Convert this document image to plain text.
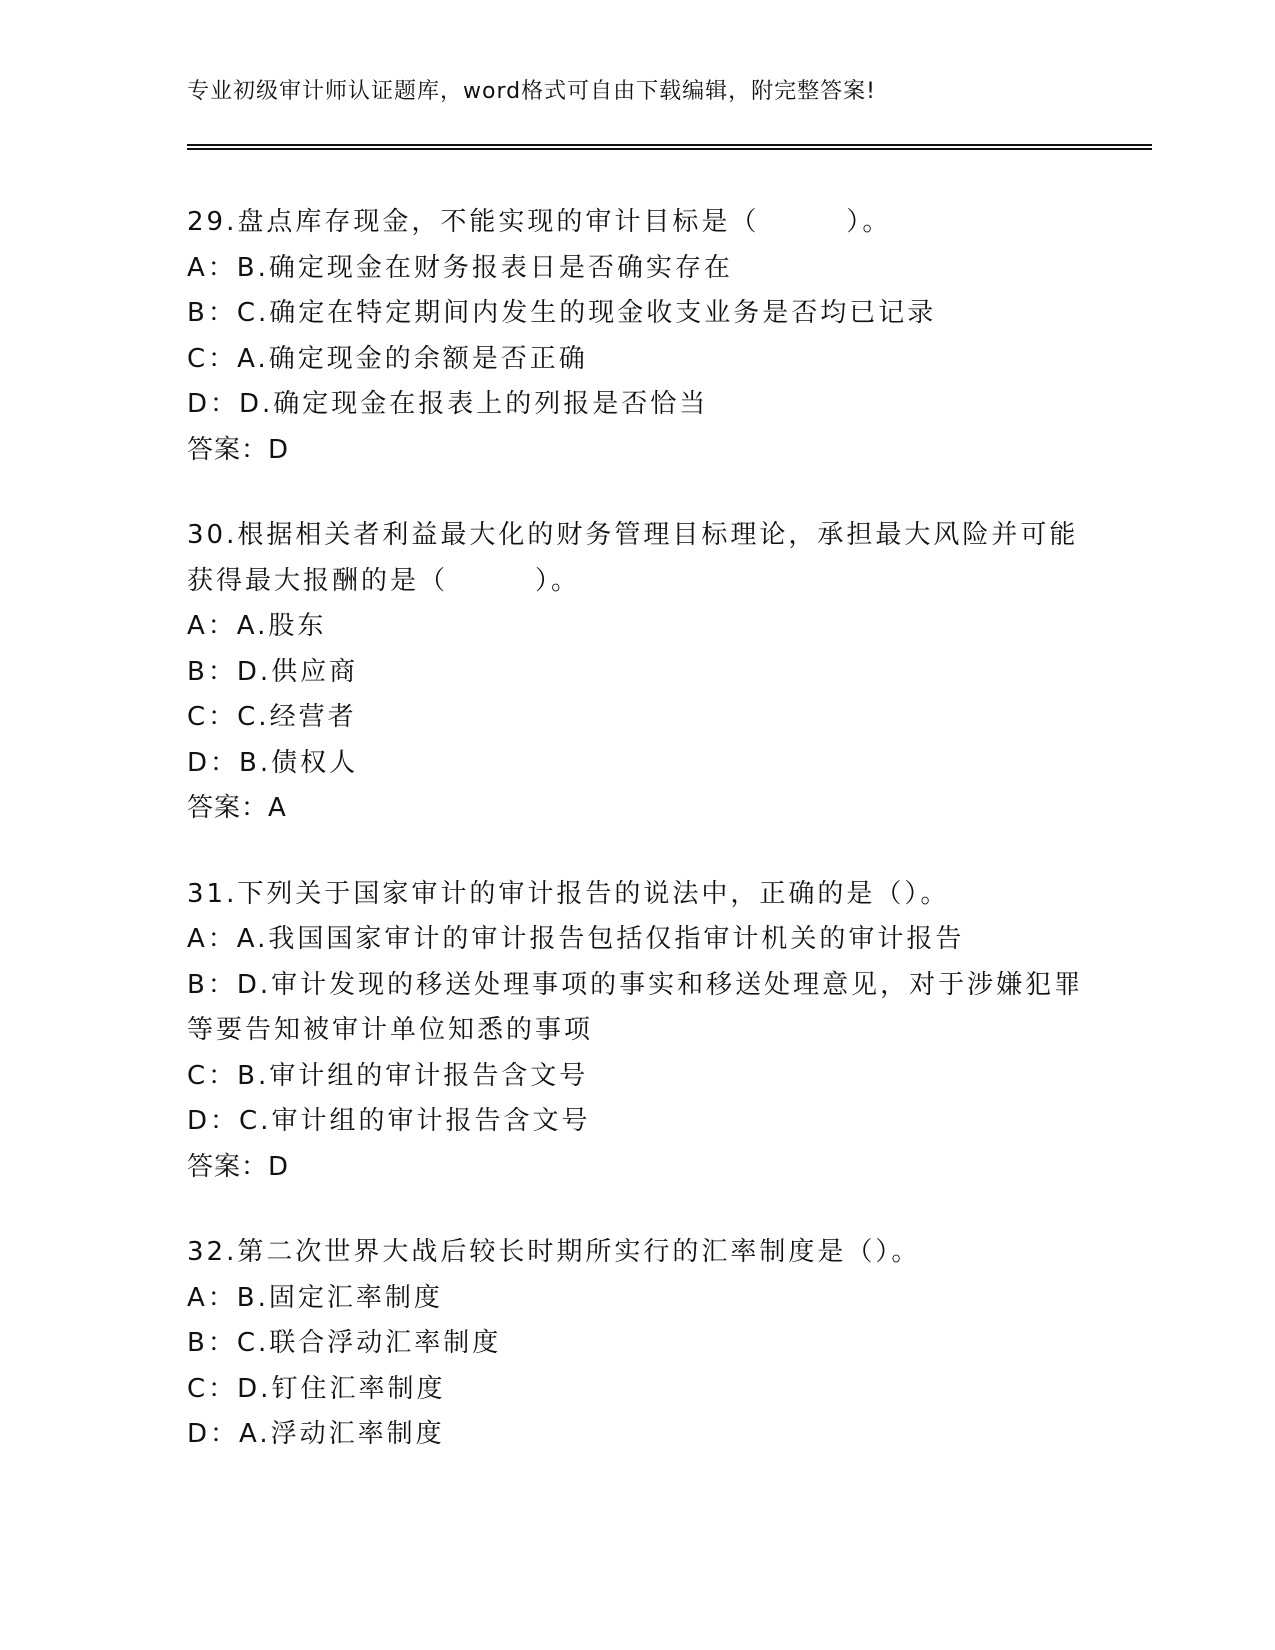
专业初级审计师认证题库，word格式可自由下载编辑，附完整答案!
29.盘点库存现金，不能实现的审计目标是（　　　）。
A：B.确定现金在财务报表日是否确实存在
B：C.确定在特定期间内发生的现金收支业务是否均已记录
C：A.确定现金的余额是否正确
D：D.确定现金在报表上的列报是否恰当
答案：D
30.根据相关者利益最大化的财务管理目标理论，承担最大风险并可能
获得最大报酬的是（　　　）。
A：A.股东
B：D.供应商
C：C.经营者
D：B.债权人
答案：A
31.下列关于国家审计的审计报告的说法中，正确的是（）。
A：A.我国国家审计的审计报告包括仅指审计机关的审计报告
B：D.审计发现的移送处理事项的事实和移送处理意见，对于涉嫌犯罪
等要告知被审计单位知悉的事项
C：B.审计组的审计报告含文号
D：C.审计组的审计报告含文号
答案：D
32.第二次世界大战后较长时期所实行的汇率制度是（）。
A：B.固定汇率制度
B：C.联合浮动汇率制度
C：D.钉住汇率制度
D：A.浮动汇率制度
